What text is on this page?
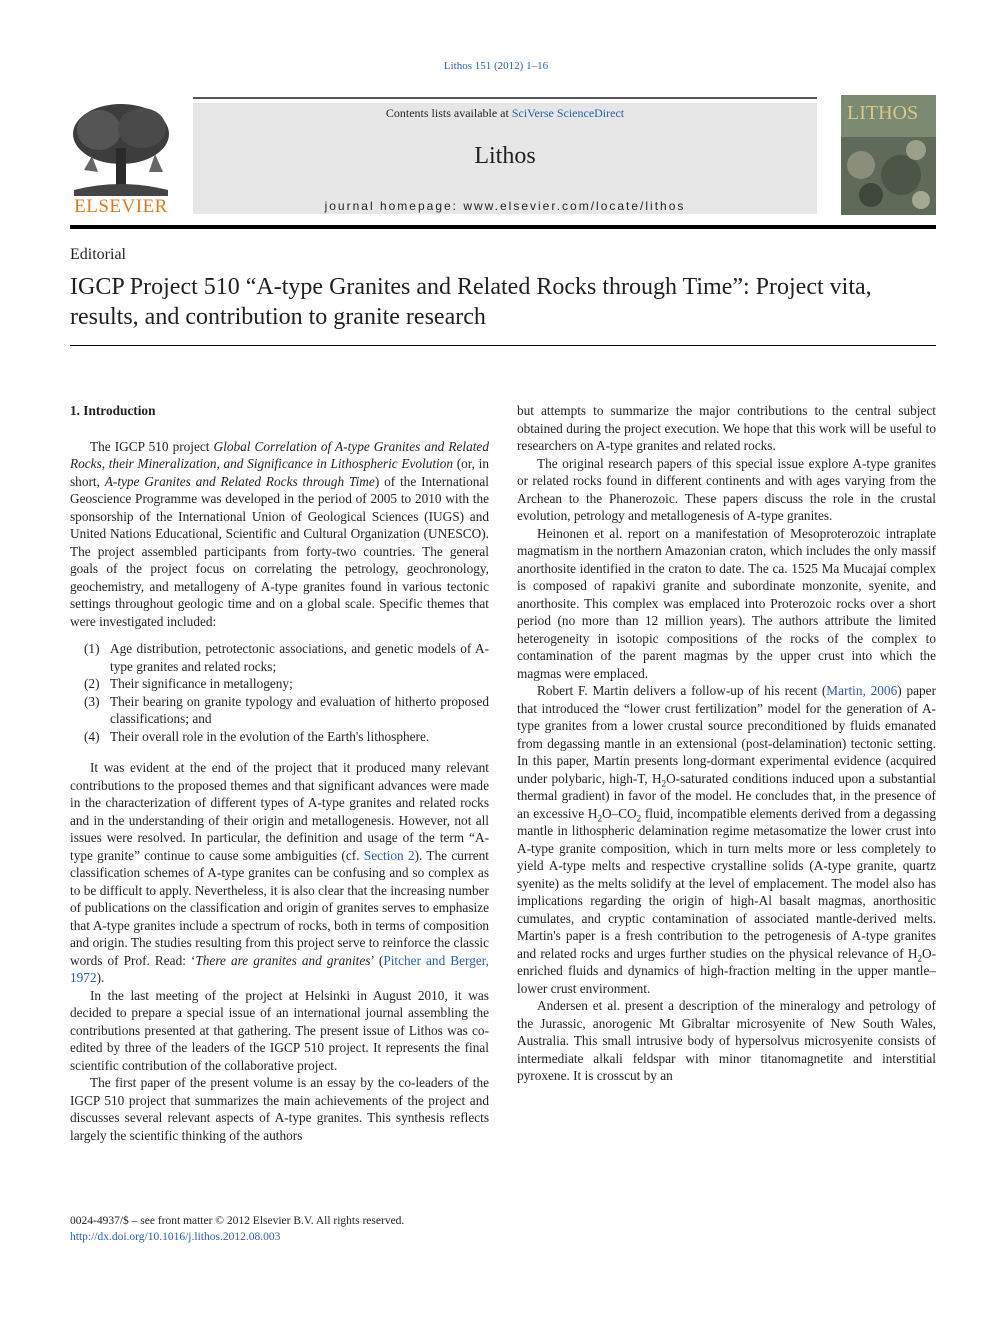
Lithos 151 (2012) 1–16
ELSEVIER
Contents lists available at SciVerse ScienceDirect
Lithos
journal homepage: www.elsevier.com/locate/lithos
LITHOS
Editorial
IGCP Project 510 “A-type Granites and Related Rocks through Time”: Project vita, results, and contribution to granite research
1. Introduction

The IGCP 510 project Global Correlation of A-type Granites and Related Rocks, their Mineralization, and Significance in Lithospheric Evolution (or, in short, A-type Granites and Related Rocks through Time) of the International Geoscience Programme was developed in the period of 2005 to 2010 with the sponsorship of the International Union of Geological Sciences (IUGS) and United Nations Educational, Scientific and Cultural Organization (UNESCO). The project assembled participants from forty-two countries. The general goals of the project focus on correlating the petrology, geochronology, geochemistry, and metallogeny of A-type granites found in various tectonic settings throughout geologic time and on a global scale. Specific themes that were investigated included:

(1) Age distribution, petrotectonic associations, and genetic models of A-type granites and related rocks;
(2) Their significance in metallogeny;
(3) Their bearing on granite typology and evaluation of hitherto proposed classifications; and
(4) Their overall role in the evolution of the Earth's lithosphere.

It was evident at the end of the project that it produced many relevant contributions to the proposed themes and that significant advances were made in the characterization of different types of A-type granites and related rocks and in the understanding of their origin and metallogenesis. However, not all issues were resolved. In particular, the definition and usage of the term “A-type granite” continue to cause some ambiguities (cf. Section 2). The current classification schemes of A-type granites can be confusing and so complex as to be difficult to apply. Nevertheless, it is also clear that the increasing number of publications on the classification and origin of granites serves to emphasize that A-type granites include a spectrum of rocks, both in terms of composition and origin. The studies resulting from this project serve to reinforce the classic words of Prof. Read: ‘There are granites and granites’ (Pitcher and Berger, 1972).

In the last meeting of the project at Helsinki in August 2010, it was decided to prepare a special issue of an international journal assembling the contributions presented at that gathering. The present issue of Lithos was co-edited by three of the leaders of the IGCP 510 project. It represents the final scientific contribution of the collaborative project.

The first paper of the present volume is an essay by the co-leaders of the IGCP 510 project that summarizes the main achievements of the project and discusses several relevant aspects of A-type granites. This synthesis reflects largely the scientific thinking of the authors

but attempts to summarize the major contributions to the central subject obtained during the project execution. We hope that this work will be useful to researchers on A-type granites and related rocks.

The original research papers of this special issue explore A-type granites or related rocks found in different continents and with ages varying from the Archean to the Phanerozoic. These papers discuss the role in the crustal evolution, petrology and metallogenesis of A-type granites.

Heinonen et al. report on a manifestation of Mesoproterozoic intraplate magmatism in the northern Amazonian craton, which includes the only massif anorthosite identified in the craton to date. The ca. 1525 Ma Mucajaí complex is composed of rapakivi granite and subordinate monzonite, syenite, and anorthosite. This complex was emplaced into Proterozoic rocks over a short period (no more than 12 million years). The authors attribute the limited heterogeneity in isotopic compositions of the rocks of the complex to contamination of the parent magmas by the upper crust into which the magmas were emplaced.

Robert F. Martin delivers a follow-up of his recent (Martin, 2006) paper that introduced the “lower crust fertilization” model for the generation of A-type granites from a lower crustal source preconditioned by fluids emanated from degassing mantle in an extensional (post-delamination) tectonic setting. In this paper, Martin presents long-dormant experimental evidence (acquired under polybaric, high-T, $H_2O$-saturated conditions induced upon a substantial thermal gradient) in favor of the model. He concludes that, in the presence of an excessive $H_2O-CO_2$ fluid, incompatible elements derived from a degassing mantle in lithospheric delamination regime metasomatize the lower crust into A-type granite composition, which in turn melts more or less completely to yield A-type melts and respective crystalline solids (A-type granite, quartz syenite) as the melts solidify at the level of emplacement. The model also has implications regarding the origin of high-Al basalt magmas, anorthositic cumulates, and cryptic contamination of associated mantle-derived melts. Martin's paper is a fresh contribution to the petrogenesis of A-type granites and related rocks and urges further studies on the physical relevance of $H_2O$-enriched fluids and dynamics of high-fraction melting in the upper mantle–lower crust environment.

Andersen et al. present a description of the mineralogy and petrology of the Jurassic, anorogenic Mt Gibraltar microsyenite of New South Wales, Australia. This small intrusive body of hypersolvus microsyenite consists of intermediate alkali feldspar with minor titanomagnetite and interstitial pyroxene. It is crosscut by an

0024-4937/$ – see front matter © 2012 Elsevier B.V. All rights reserved.
http://dx.doi.org/10.1016/j.lithos.2012.08.003
